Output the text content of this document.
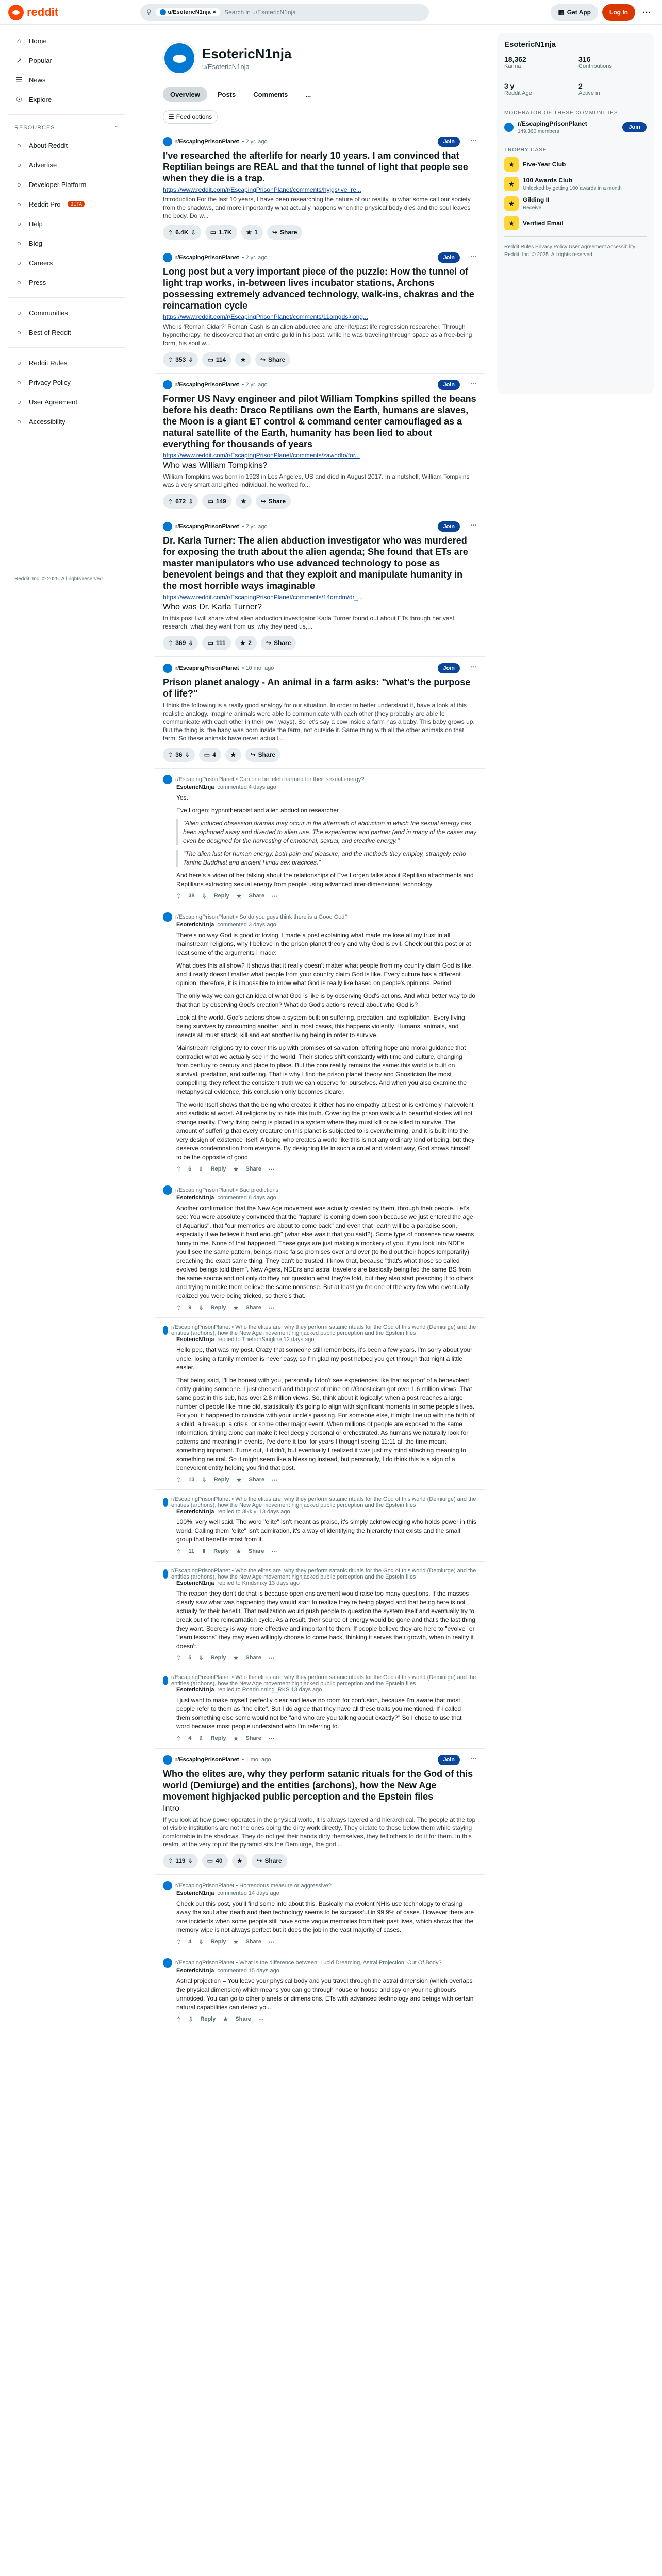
reddit	⚲	u/EsotericN1nja ×
Search in u/EsotericN1nja	▦ Get App	Log In	⋯
⌂	Home
↗ Popular
☰ News
☉ Explore
RESOURCES	⌃
○	About Reddit
○	Advertise
○	Developer Platform
○	Reddit Pro	BETA
○	Help
○	Blog
○	Careers
○	Press
○	Communities
○	Best of Reddit
○	Reddit Rules
○	Privacy Policy
○	User Agreement
○	Accessibility
Reddit, Inc. © 2025. All rights reserved.
EsotericN1nja
u/EsotericN1nja
Overview	Posts	Comments	...
☰ Feed options
r/EscapingPrisonPlanet • 2 yr. ago	Join	⋯
I've researched the afterlife for nearly 10 years. I am convinced that Reptilian beings are REAL and that the tunnel of light that people see when they die is a trap.
https://www.reddit.com/r/EscapingPrisonPlanet/comments/hyjgs/ive_re...
Introduction For the last 10 years, I have been researching the nature of our reality, in what some call our society from the shadows, and more importantly what actually happens when the physical body dies and the soul leaves the body. Do w...
⇧ 6.4K ⇩ ▭ 1.7K ★ 1 ↪ Share
r/EscapingPrisonPlanet • 2 yr. ago	Join	⋯
Long post but a very important piece of the puzzle: How the tunnel of light trap works, in-between lives incubator stations, Archons possessing extremely advanced technology, walk-ins, chakras and the reincarnation cycle
https://www.reddit.com/r/EscapingPrisonPlanet/comments/11omgdsl/long...
Who is 'Roman Cidar?' Roman Cash is an alien abductee and afterlife/past life regression researcher. Through hypnotherapy, he discovered that an entire guild in his past, while he was traveling through space as a free-being form, his soul w...
⇧ 353 ⇩ ▭ 114 ★ ↪ Share
r/EscapingPrisonPlanet • 2 yr. ago	Join	⋯
Former US Navy engineer and pilot William Tompkins spilled the beans before his death: Draco Reptilians own the Earth, humans are slaves, the Moon is a giant ET control & command center camouflaged as a natural satellite of the Earth, humanity has been lied to about everything for thousands of years
https://www.reddit.com/r/EscapingPrisonPlanet/comments/zawndto/for...
Who was William Tompkins?
William Tompkins was born in 1923 in Los Angeles, US and died in August 2017. In a nutshell, William Tompkins was a very smart and gifted individual, he worked fo...
⇧ 672 ⇩ ▭ 149 ★ ↪ Share
r/EscapingPrisonPlanet • 2 yr. ago	Join	⋯
Dr. Karla Turner: The alien abduction investigator who was murdered for exposing the truth about the alien agenda; She found that ETs are master manipulators who use advanced technology to pose as benevolent beings and that they exploit and manipulate humanity in the most horrible ways imaginable
https://www.reddit.com/r/EscapingPrisonPlanet/comments/14qmdm/dr_...
Who was Dr. Karla Turner?
In this post I will share what alien abduction investigator Karla Turner found out about ETs through her vast research, what they want from us, why they need us,...
⇧ 369 ⇩ ▭ 111 ★ 2 ↪ Share
r/EscapingPrisonPlanet • 10 mo. ago	Join	⋯
Prison planet analogy - An animal in a farm asks: "what's the purpose of life?"
I think the following is a really good analogy for our situation. In order to better understand it, have a look at this realistic analogy. Imagine animals were able to communicate with each other (they probably are able to communicate with each other in their own ways). So let's say a cow inside a farm has a baby. This baby grows up. But the thing is, the baby was born inside the farm, not outside it. Same thing with all the other animals on that farm. So these animals have never actuall...
⇧ 36 ⇩ ▭ 4 ★ ↪ Share
r/EscapingPrisonPlanet • Can one be teleh harmed for their sexual energy?
EsotericN1nja commented 4 days ago

Yes.

Eve Lorgen: hypnotherapist and alien abduction researcher

"Alien induced obsession dramas may occur in the aftermath of abduction in which the sexual energy has been siphoned away and diverted to alien use. The experiencer and partner (and in many of the cases may even be designed for the harvesting of emotional, sexual, and creative energy."

"The alien lust for human energy, both pain and pleasure, and the methods they employ, strangely echo Tantric Buddhist and ancient Hindu sex practices."

And here's a video of her talking about the relationships of Eve Lorgen talks about Reptilian attachments and Reptilians extracting sexual energy from people using advanced inter-dimensional technology

⇧ 38 ⇩ Reply ★ Share ⋯
r/EscapingPrisonPlanet • So do you guys think there is a Good God?
EsotericN1nja commented 3 days ago

There's no way God is good or loving. I made a post explaining what made me lose all my trust in all mainstream religions, why I believe in the prison planet theory and why God is evil. Check out this post or at least some of the arguments I made:

What does this all show? It shows that it really doesn't matter what people from my country claim God is like, and it really doesn't matter what people from your country claim God is like. Every culture has a different opinion, therefore, it is impossible to know what God is really like based on people's opinions. Period.

The only way we can get an idea of what God is like is by observing God's actions. And what better way to do that than by observing God's creation? What do God's actions reveal about who God is?

Look at the world. God's actions show a system built on suffering, predation, and exploitation. Every living being survives by consuming another, and in most cases, this happens violently. Humans, animals, and insects all must attack, kill and eat another living being in order to survive.

Mainstream religions try to cover this up with promises of salvation, offering hope and moral guidance that contradict what we actually see in the world. Their stories shift constantly with time and culture, changing from century to century and place to place. But the core reality remains the same: this world is built on survival, predation, and suffering. That is why I find the prison planet theory and Gnosticism the most compelling; they reflect the consistent truth we can observe for ourselves. And when you also examine the metaphysical evidence, this conclusion only becomes clearer.

The world itself shows that the being who created it either has no empathy at best or is extremely malevolent and sadistic at worst. All religions try to hide this truth. Covering the prison walls with beautiful stories will not change reality. Every living being is placed in a system where they must kill or be killed to survive. The amount of suffering that every creature on this planet is subjected to is overwhelming, and it is built into the very design of existence itself. A being who creates a world like this is not any ordinary kind of being, but they deserve condemnation from everyone. By designing life in such a cruel and violent way, God shows himself to be the opposite of good.

⇧ 6 ⇩ Reply ★ Share ⋯
r/EscapingPrisonPlanet • Bad predictions
EsotericN1nja commented 8 days ago

Another confirmation that the New Age movement was actually created by them, through their people. Let's see: You were absolutely convinced that the "rapture" is coming down soon because we just entered the age of Aquarius", that "our memories are about to come back" and even that "earth will be a paradise soon, especially if we believe it hard enough" (what else was it that you said?). Some type of nonsense now seems funny to me. None of that happened. These guys are just making a mockery of you. If you look into NDEs you'll see the same pattern, beings make false promises over and over (to hold out their hopes temporarily) preaching the exact same thing. They can't be trusted. I know that, because "that's what those so called evolved beings told them". New Agers, NDErs and astral travelers are basically being fed the same BS from the same source and not only do they not question what they're told, but they also start preaching it to others and trying to make them believe the same nonsense. But at least you're one of the very few who eventually realized you were being tricked, so there's that.

⇧ 9 ⇩ Reply ★ Share ⋯
r/EscapingPrisonPlanet • Who the elites are, why they perform satanic rituals for the God of this world (Demiurge) and the entities (archons), how the New Age movement highjacked public perception and the Epstein files
EsotericN1nja replied to TheIronSingline 12 days ago

Hello pep, that was my post. Crazy that someone still remembers, it's been a few years. I'm sorry about your uncle, losing a family member is never easy, so I'm glad my post helped you get through that night a little easier.

That being said, I'll be honest with you, personally I don't see experiences like that as proof of a benevolent entity guiding someone. I just checked and that post of mine on r/Gnosticism got over 1.6 million views. That same post in this sub, has over 2.8 million views. So, think about it logically: when a post reaches a large number of people like mine did, statistically it's going to align with significant moments in some people's lives. For you, it happened to coincide with your uncle's passing. For someone else, it might line up with the birth of a child, a breakup, a crisis, or some other major event. When millions of people are exposed to the same information, timing alone can make it feel deeply personal or orchestrated. As humans we naturally look for patterns and meaning in events, I've done it too, for years I thought seeing 11:11 all the time meant something important. Turns out, it didn't, but eventually I realized it was just my mind attaching meaning to something neutral. So it might seem like a blessing instead, but personally, I do think this is a sign of a benevolent entity helping you find that post.

⇧ 13 ⇩ Reply ★ Share ⋯
r/EscapingPrisonPlanet • Who the elites are, why they perform satanic rituals for the God of this world (Demiurge) and the entities (archons), how the New Age movement highjacked public perception and the Epstein files
EsotericN1nja replied to 3ikklyl 13 days ago

100%, very well said. The word "elite" isn't meant as praise, it's simply acknowledging who holds power in this world. Calling them "elite" isn't admiration, it's a way of identifying the hierarchy that exists and the small group that benefits most from it.

⇧ 11 ⇩ Reply ★ Share ⋯
r/EscapingPrisonPlanet • Who the elites are, why they perform satanic rituals for the God of this world (Demiurge) and the entities (archons), how the New Age movement highjacked public perception and the Epstein files
EsotericN1nja replied to Kmdsmxy 13 days ago

The reason they don't do that is because open enslavement would raise too many questions. If the masses clearly saw what was happening they would start to realize they're being played and that being here is not actually for their benefit. That realization would push people to question the system itself and eventually try to break out of the reincarnation cycle. As a result, their source of energy would be gone and that's the last thing they want. Secrecy is way more effective and important to them. If people believe they are here to "evolve" or "learn lessons" they may even willingly choose to come back, thinking it serves their growth, when in reality it doesn't.

⇧ 5 ⇩ Reply ★ Share ⋯
r/EscapingPrisonPlanet • Who the elites are, why they perform satanic rituals for the God of this world (Demiurge) and the entities (archons), how the New Age movement highjacked public perception and the Epstein files
EsotericN1nja replied to Roadrunning_RKS 13 days ago

I just want to make myself perfectly clear and leave no room for confusion, because I'm aware that most people refer to them as "the elite". But I do agree that they have all these traits you mentioned. If I called them something else some would not be "and who are you talking about exactly?" So I chose to use that word because most people understand who I'm referring to.

⇧ 4 ⇩ Reply ★ Share ⋯
r/EscapingPrisonPlanet • 1 mo. ago	Join	⋯
Who the elites are, why they perform satanic rituals for the God of this world (Demiurge) and the entities (archons), how the New Age movement highjacked public perception and the Epstein files
Intro
If you look at how power operates in the physical world, it is always layered and hierarchical. The people at the top of visible institutions are not the ones doing the dirty work directly. They dictate to those below them while staying comfortable in the shadows. They do not get their hands dirty themselves, they tell others to do it for them. In this realm, at the very top of the pyramid sits the Demiurge, the god ...
⇧ 119 ⇩ ▭ 40 ★ ↪ Share
r/EscapingPrisonPlanet • Horrendous measure or aggressive?
EsotericN1nja commented 14 days ago

Check out this post, you'll find some info about this. Basically malevolent NHIs use technology to erasing away the soul after death and then technology seems to be successful in 99.9% of cases. However there are rare incidents when some people still have some vague memories from their past lives, which shows that the memory wipe is not always perfect but it does the job in the vast majority of cases.

⇧ 4 ⇩ Reply ★ Share ⋯
r/EscapingPrisonPlanet • What is the difference between: Lucid Dreaming, Astral Projection, Out Of Body?
EsotericN1nja commented 15 days ago

Astral projection = You leave your physical body and you travel through the astral dimension (which overlaps the physical dimension) which means you can go through house or house and spy on your neighbours unnoticed. You can go to other planets or dimensions. ETs with advanced technology and beings with certain natural capabilities can detect you.

⇧ ⇩ Reply ★ Share ⋯
EsotericN1nja
18,362
Karma
316
Contributions
3 y
Reddit Age
2
Active in
MODERATOR OF THESE COMMUNITIES
r/EscapingPrisonPlanet
149,360 members
Join
TROPHY CASE
★	Five-Year Club
★	100 Awards Club
Unlocked by getting 100 awards in a month
★	Gilding II
Receive...
★	Verified Email
Reddit Rules Privacy Policy User Agreement Accessibility Reddit, Inc. © 2025. All rights reserved.
